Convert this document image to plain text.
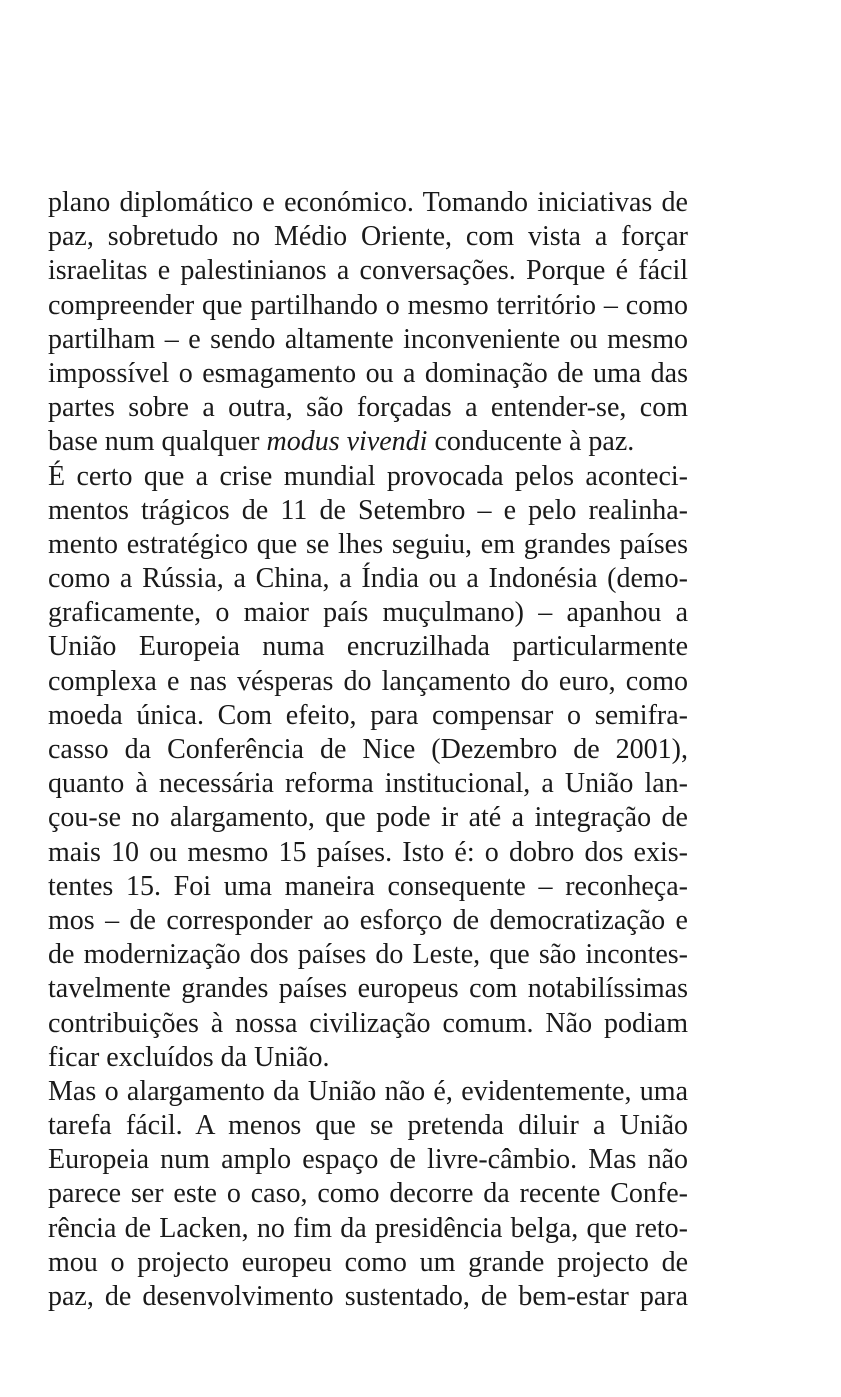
plano diplomático e económico. Tomando iniciativas de
paz, sobretudo no Médio Oriente, com vista a forçar
israelitas e palestinianos a conversações. Porque é fácil
compreender que partilhando o mesmo território – como
partilham – e sendo altamente inconveniente ou mesmo
impossível o esmagamento ou a dominação de uma das
partes sobre a outra, são forçadas a entender-se, com
base num qualquer modus vivendi conducente à paz.
É certo que a crise mundial provocada pelos aconteci-
mentos trágicos de 11 de Setembro – e pelo realinha-
mento estratégico que se lhes seguiu, em grandes países
como a Rússia, a China, a Índia ou a Indonésia (demo-
graficamente, o maior país muçulmano) – apanhou a
União Europeia numa encruzilhada particularmente
complexa e nas vésperas do lançamento do euro, como
moeda única. Com efeito, para compensar o semifra-
casso da Conferência de Nice (Dezembro de 2001),
quanto à necessária reforma institucional, a União lan-
çou-se no alargamento, que pode ir até a integração de
mais 10 ou mesmo 15 países. Isto é: o dobro dos exis-
tentes 15. Foi uma maneira consequente – reconheça-
mos – de corresponder ao esforço de democratização e
de modernização dos países do Leste, que são incontes-
tavelmente grandes países europeus com notabilíssimas
contribuições à nossa civilização comum. Não podiam
ficar excluídos da União.
Mas o alargamento da União não é, evidentemente, uma
tarefa fácil. A menos que se pretenda diluir a União
Europeia num amplo espaço de livre-câmbio. Mas não
parece ser este o caso, como decorre da recente Confe-
rência de Lacken, no fim da presidência belga, que reto-
mou o projecto europeu como um grande projecto de
paz, de desenvolvimento sustentado, de bem-estar para
